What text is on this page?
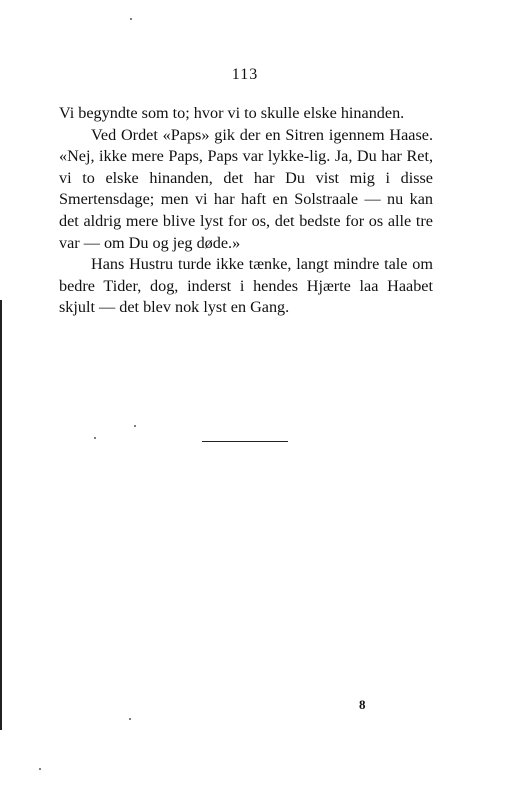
113

Vi begyndte som to; hvor vi to skulle elske hinanden.

Ved Ordet «Paps» gik der en Sitren igennem Haase. «Nej, ikke mere Paps, Paps var lykke-lig. Ja, Du har Ret, vi to elske hinanden, det har Du vist mig i disse Smertensdage; men vi har haft en Solstraale — nu kan det aldrig mere blive lyst for os, det bedste for os alle tre var — om Du og jeg døde.»

Hans Hustru turde ikke tænke, langt mindre tale om bedre Tider, dog, inderst i hendes Hjærte laa Haabet skjult — det blev nok lyst en Gang.

8
